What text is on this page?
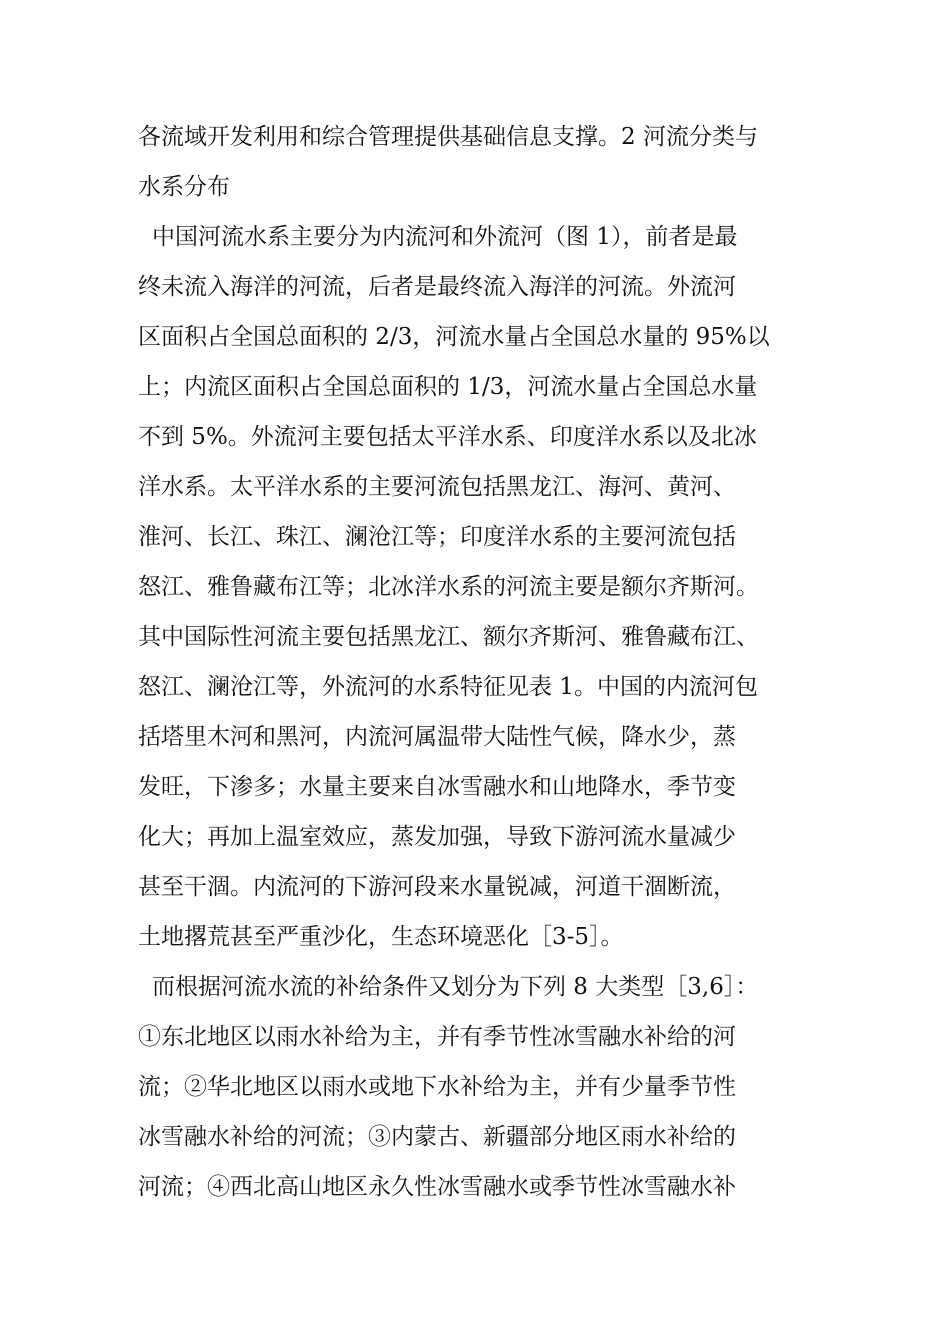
各流域开发利用和综合管理提供基础信息支撑。2 河流分类与
水系分布
中国河流水系主要分为内流河和外流河（图 1），前者是最
终未流入海洋的河流，后者是最终流入海洋的河流。外流河
区面积占全国总面积的 2/3，河流水量占全国总水量的 95%以
上；内流区面积占全国总面积的 1/3，河流水量占全国总水量
不到 5%。外流河主要包括太平洋水系、印度洋水系以及北冰
洋水系。太平洋水系的主要河流包括黑龙江、海河、黄河、
淮河、长江、珠江、澜沧江等；印度洋水系的主要河流包括
怒江、雅鲁藏布江等；北冰洋水系的河流主要是额尔齐斯河。
其中国际性河流主要包括黑龙江、额尔齐斯河、雅鲁藏布江、
怒江、澜沧江等，外流河的水系特征见表 1。中国的内流河包
括塔里木河和黑河，内流河属温带大陆性气候，降水少，蒸
发旺，下渗多；水量主要来自冰雪融水和山地降水，季节变
化大；再加上温室效应，蒸发加强，导致下游河流水量减少
甚至干涸。内流河的下游河段来水量锐减，河道干涸断流，
土地撂荒甚至严重沙化，生态环境恶化［3-5］。
而根据河流水流的补给条件又划分为下列 8 大类型［3,6］：
①东北地区以雨水补给为主，并有季节性冰雪融水补给的河
流；②华北地区以雨水或地下水补给为主，并有少量季节性
冰雪融水补给的河流；③内蒙古、新疆部分地区雨水补给的
河流；④西北高山地区永久性冰雪融水或季节性冰雪融水补
